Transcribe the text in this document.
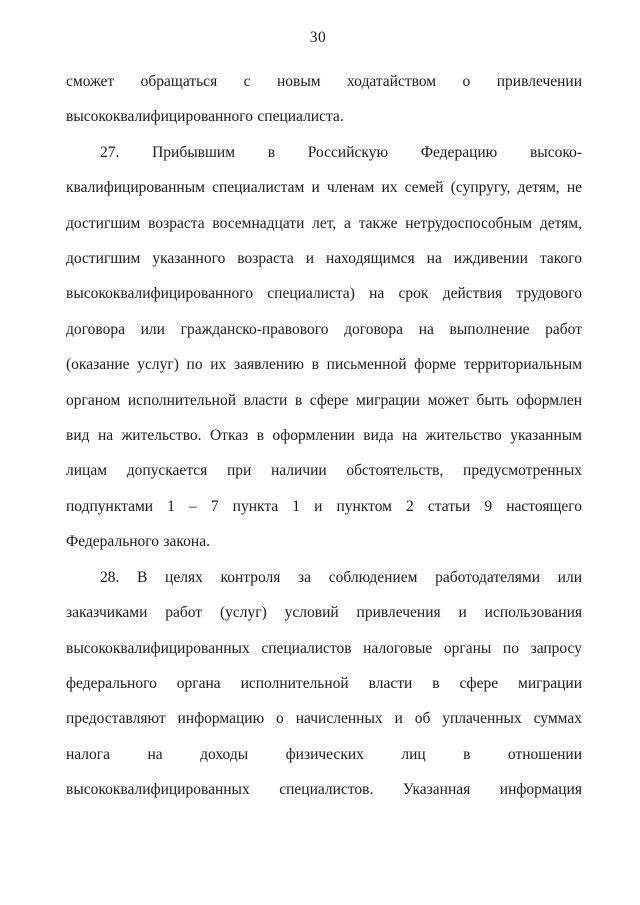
30
сможет обращаться с новым ходатайством о привлечении
высококвалифицированного специалиста.
27. Прибывшим в Российскую Федерацию высоко-
квалифицированным специалистам и членам их семей (супругу, детям, не
достигшим возраста восемнадцати лет, а также нетрудоспособным детям,
достигшим указанного возраста и находящимся на иждивении такого
высококвалифицированного специалиста) на срок действия трудового
договора или гражданско-правового договора на выполнение работ
(оказание услуг) по их заявлению в письменной форме территориальным
органом исполнительной власти в сфере миграции может быть оформлен
вид на жительство. Отказ в оформлении вида на жительство указанным
лицам допускается при наличии обстоятельств, предусмотренных
подпунктами 1 – 7 пункта 1 и пунктом 2 статьи 9 настоящего
Федерального закона.
28. В целях контроля за соблюдением работодателями или
заказчиками работ (услуг) условий привлечения и использования
высококвалифицированных специалистов налоговые органы по запросу
федерального органа исполнительной власти в сфере миграции
предоставляют информацию о начисленных и об уплаченных суммах
налога на доходы физических лиц в отношении
высококвалифицированных специалистов. Указанная информация
